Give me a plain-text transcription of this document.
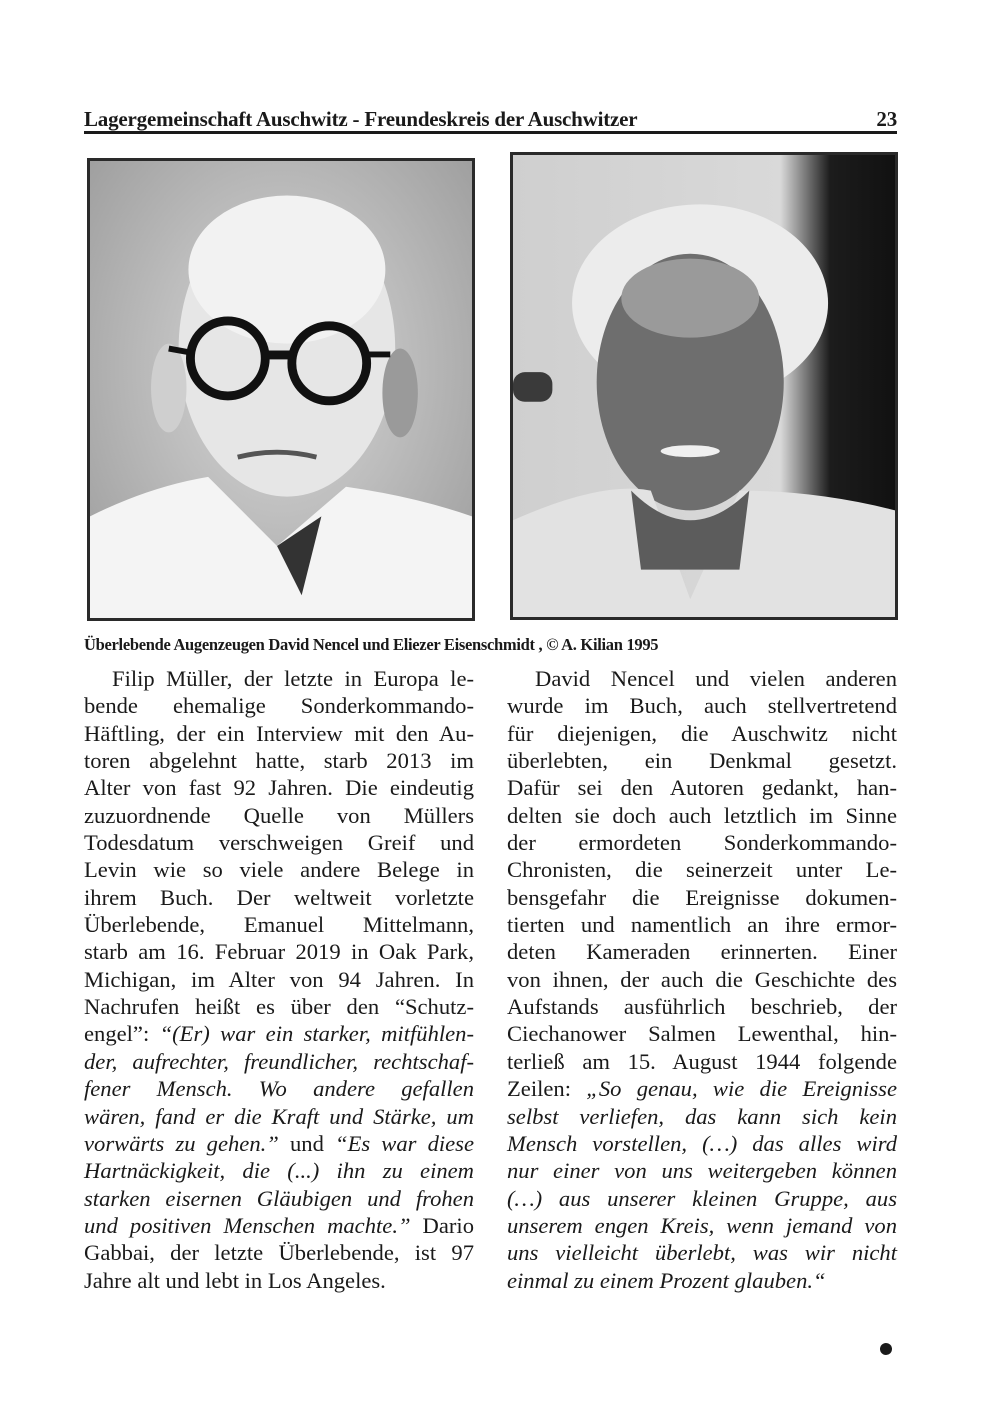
Lagergemeinschaft Auschwitz - Freundeskreis der Auschwitzer	23
Überlebende Augenzeugen David Nencel und Eliezer Eisenschmidt , © A. Kilian 1995
Filip Müller, der letzte in Europa le-
bende ehemalige Sonderkommando-
Häftling, der ein Interview mit den Au-
toren abgelehnt hatte, starb 2013 im
Alter von fast 92 Jahren. Die eindeutig
zuzuordnende Quelle von Müllers
Todesdatum verschweigen Greif und
Levin wie so viele andere Belege in
ihrem Buch. Der weltweit vorletzte
Überlebende, Emanuel Mittelmann,
starb am 16. Februar 2019 in Oak Park,
Michigan, im Alter von 94 Jahren. In
Nachrufen heißt es über den “Schutz-
engel”: “(Er) war ein starker, mitfühlen-
der, aufrechter, freundlicher, rechtschaf-
fener Mensch. Wo andere gefallen
wären, fand er die Kraft und Stärke, um
vorwärts zu gehen.” und “Es war diese
Hartnäckigkeit, die (...) ihn zu einem
starken eisernen Gläubigen und frohen
und positiven Menschen machte.” Dario
Gabbai, der letzte Überlebende, ist 97
Jahre alt und lebt in Los Angeles.
David Nencel und vielen anderen
wurde im Buch, auch stellvertretend
für diejenigen, die Auschwitz nicht
überlebten, ein Denkmal gesetzt.
Dafür sei den Autoren gedankt, han-
delten sie doch auch letztlich im Sinne
der ermordeten Sonderkommando-
Chronisten, die seinerzeit unter Le-
bensgefahr die Ereignisse dokumen-
tierten und namentlich an ihre ermor-
deten Kameraden erinnerten. Einer
von ihnen, der auch die Geschichte des
Aufstands ausführlich beschrieb, der
Ciechanower Salmen Lewenthal, hin-
terließ am 15. August 1944 folgende
Zeilen: „So genau, wie die Ereignisse
selbst verliefen, das kann sich kein
Mensch vorstellen, (…) das alles wird
nur einer von uns weitergeben können
(…) aus unserer kleinen Gruppe, aus
unserem engen Kreis, wenn jemand von
uns vielleicht überlebt, was wir nicht
einmal zu einem Prozent glauben.“
